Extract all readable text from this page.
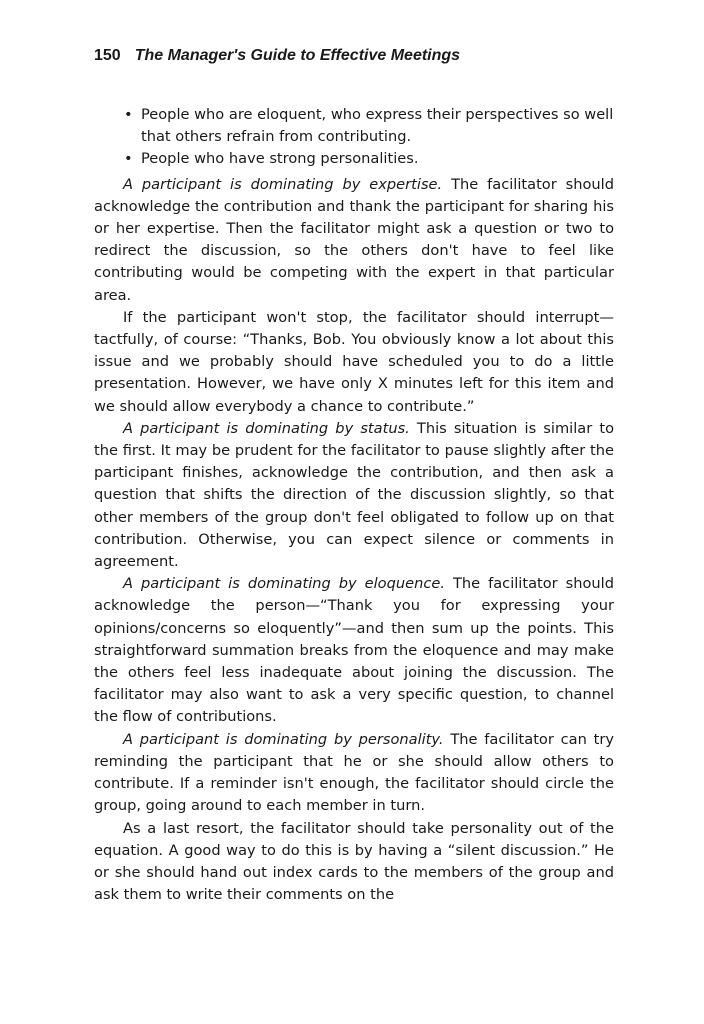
150 The Manager's Guide to Effective Meetings
• People who are eloquent, who express their perspectives so well that others refrain from contributing.
• People who have strong personalities.

A participant is dominating by expertise. The facilitator should acknowledge the contribution and thank the participant for sharing his or her expertise. Then the facilitator might ask a question or two to redirect the discussion, so the others don't have to feel like contributing would be competing with the expert in that particular area.

If the participant won't stop, the facilitator should interrupt—tactfully, of course: “Thanks, Bob. You obviously know a lot about this issue and we probably should have scheduled you to do a little presentation. However, we have only X minutes left for this item and we should allow everybody a chance to contribute.”

A participant is dominating by status. This situation is similar to the first. It may be prudent for the facilitator to pause slightly after the participant finishes, acknowledge the contribution, and then ask a question that shifts the direction of the discussion slightly, so that other members of the group don't feel obligated to follow up on that contribution. Otherwise, you can expect silence or comments in agreement.

A participant is dominating by eloquence. The facilitator should acknowledge the person—“Thank you for expressing your opinions/concerns so eloquently”—and then sum up the points. This straightforward summation breaks from the eloquence and may make the others feel less inadequate about joining the discussion. The facilitator may also want to ask a very specific question, to channel the flow of contributions.

A participant is dominating by personality. The facilitator can try reminding the participant that he or she should allow others to contribute. If a reminder isn't enough, the facilitator should circle the group, going around to each member in turn.

As a last resort, the facilitator should take personality out of the equation. A good way to do this is by having a “silent discussion.” He or she should hand out index cards to the members of the group and ask them to write their comments on the
